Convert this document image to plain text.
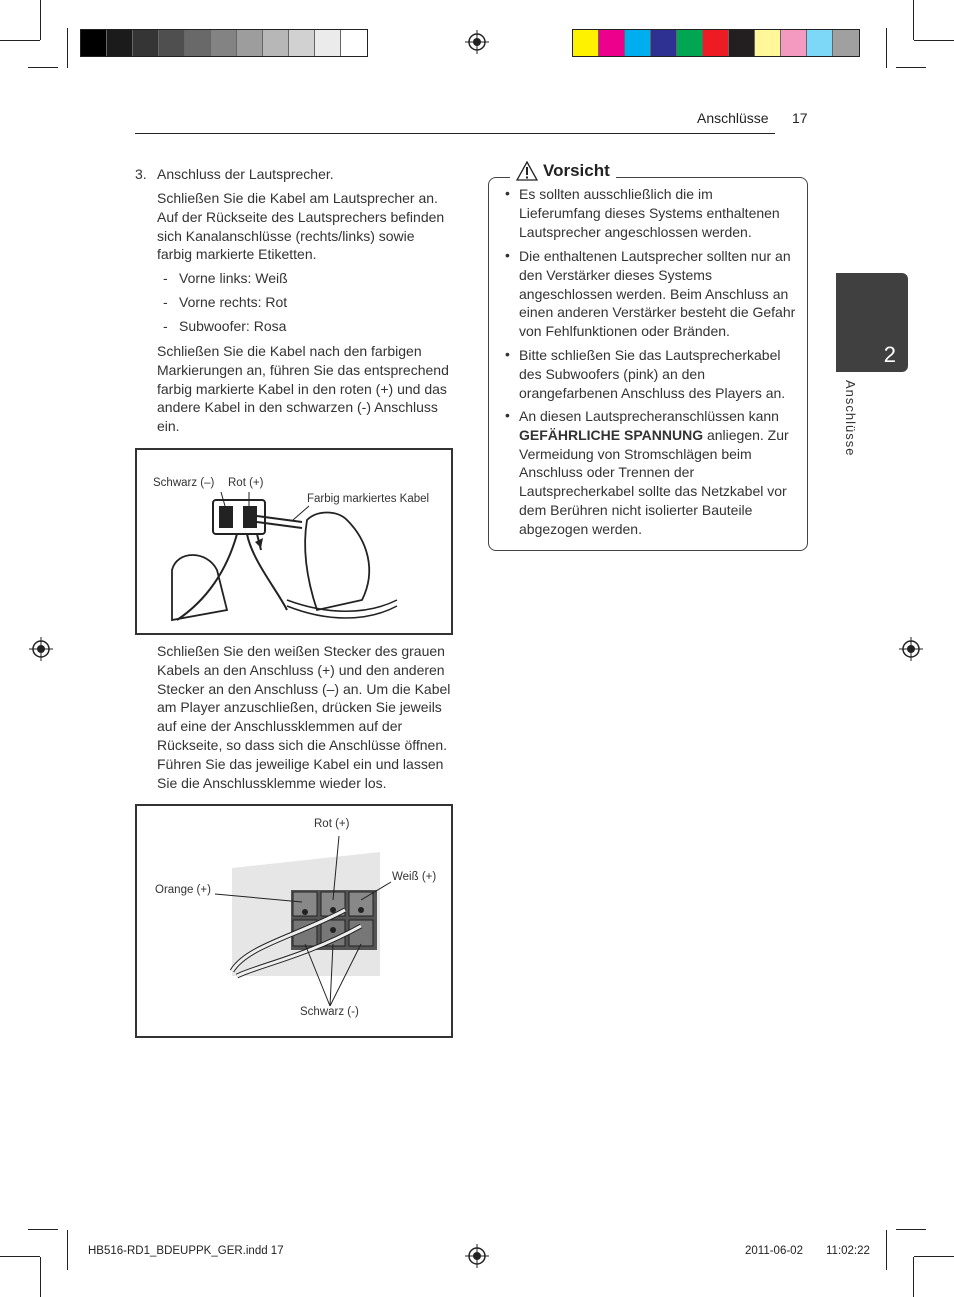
Anschlüsse 17
2
Anschlüsse
3. Anschluss der Lautsprecher.
Schließen Sie die Kabel am Lautsprecher an. Auf der Rückseite des Lautsprechers befinden sich Kanalanschlüsse (rechts/links) sowie farbig markierte Etiketten.
- Vorne links: Weiß
- Vorne rechts: Rot
- Subwoofer: Rosa
Schließen Sie die Kabel nach den farbigen Markierungen an, führen Sie das entsprechend farbig markierte Kabel in den roten (+) und das andere Kabel in den schwarzen (-) Anschluss ein.
Schwarz (–) Rot (+)
Farbig markiertes Kabel
Schließen Sie den weißen Stecker des grauen Kabels an den Anschluss (+) und den anderen Stecker an den Anschluss (–) an. Um die Kabel am Player anzuschließen, drücken Sie jeweils auf eine der Anschlussklemmen auf der Rückseite, so dass sich die Anschlüsse öffnen. Führen Sie das jeweilige Kabel ein und lassen Sie die Anschlussklemme wieder los.
Rot (+)
Orange (+)
Weiß (+)
Schwarz (-)
Vorsicht
• Es sollten ausschließlich die im Lieferumfang dieses Systems enthaltenen Lautsprecher angeschlossen werden.
• Die enthaltenen Lautsprecher sollten nur an den Verstärker dieses Systems angeschlossen werden. Beim Anschluss an einen anderen Verstärker besteht die Gefahr von Fehlfunktionen oder Bränden.
• Bitte schließen Sie das Lautsprecherkabel des Subwoofers (pink) an den orangefarbenen Anschluss des Players an.
• An diesen Lautsprecheranschlüssen kann GEFÄHRLICHE SPANNUNG anliegen. Zur Vermeidung von Stromschlägen beim Anschluss oder Trennen der Lautsprecherkabel sollte das Netzkabel vor dem Berühren nicht isolierter Bauteile abgezogen werden.
HB516-RD1_BDEUPPK_GER.indd 17	2011-06-02 11:02:22
